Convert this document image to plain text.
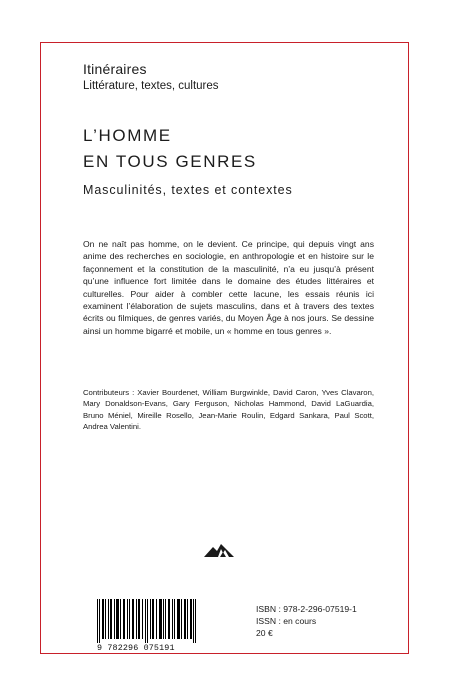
Itinéraires
Littérature, textes, cultures
L’HOMME
EN TOUS GENRES
Masculinités, textes et contextes
On ne naît pas homme, on le devient. Ce principe, qui depuis vingt ans anime des recherches en sociologie, en anthropologie et en histoire sur le façonnement et la constitution de la masculinité, n’a eu jusqu’à présent qu’une influence fort limitée dans le domaine des études littéraires et culturelles. Pour aider à combler cette lacune, les essais réunis ici examinent l’élaboration de sujets masculins, dans et à travers des textes écrits ou filmiques, de genres variés, du Moyen Âge à nos jours. Se dessine ainsi un homme bigarré et mobile, un « homme en tous genres ».
Contributeurs : Xavier Bourdenet, William Burgwinkle, David Caron, Yves Clavaron, Mary Donaldson-Evans, Gary Ferguson, Nicholas Hammond, David LaGuardia, Bruno Méniel, Mireille Rosello, Jean-Marie Roulin, Edgard Sankara, Paul Scott, Andrea Valentini.
9 782296 075191
ISBN : 978-2-296-07519-1
ISSN : en cours
20 €
